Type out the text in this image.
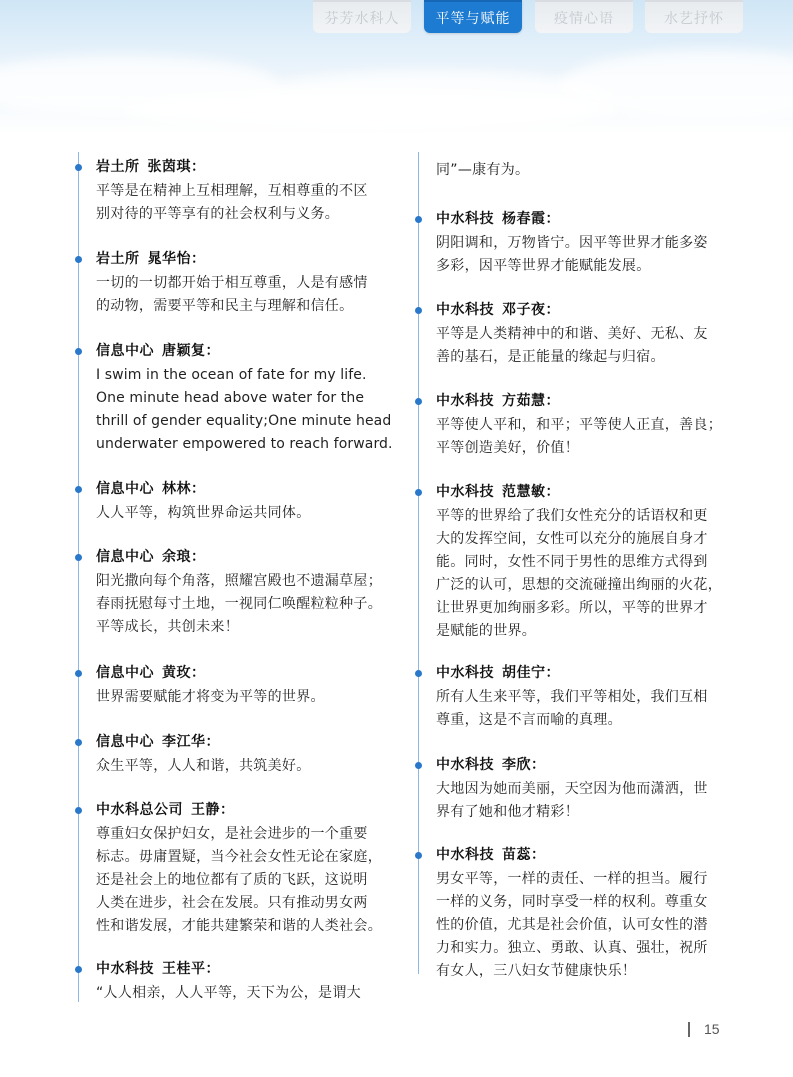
芬芳水科人	平等与赋能	疫情心语	水艺抒怀
岩土所 张茵琪：
平等是在精神上互相理解，互相尊重的不区
别对待的平等享有的社会权利与义务。
岩土所 晁华怡：
一切的一切都开始于相互尊重，人是有感情
的动物，需要平等和民主与理解和信任。
信息中心 唐颖复：
I swim in the ocean of fate for my life.
One minute head above water for the
thrill of gender equality;One minute head
underwater empowered to reach forward.
信息中心 林林：
人人平等，构筑世界命运共同体。
信息中心 余琅：
阳光撒向每个角落，照耀宫殿也不遗漏草屋；
春雨抚慰每寸土地，一视同仁唤醒粒粒种子。
平等成长，共创未来！
信息中心 黄玫：
世界需要赋能才将变为平等的世界。
信息中心 李江华：
众生平等，人人和谐，共筑美好。
中水科总公司 王静：
尊重妇女保护妇女，是社会进步的一个重要
标志。毋庸置疑，当今社会女性无论在家庭，
还是社会上的地位都有了质的飞跃，这说明
人类在进步，社会在发展。只有推动男女两
性和谐发展，才能共建繁荣和谐的人类社会。
中水科技 王桂平：
“人人相亲，人人平等，天下为公，是谓大
同”—康有为。
中水科技 杨春霞：
阴阳调和，万物皆宁。因平等世界才能多姿
多彩，因平等世界才能赋能发展。
中水科技 邓子夜：
平等是人类精神中的和谐、美好、无私、友
善的基石，是正能量的缘起与归宿。
中水科技 方茹慧：
平等使人平和，和平；平等使人正直，善良；
平等创造美好，价值！
中水科技 范慧敏：
平等的世界给了我们女性充分的话语权和更
大的发挥空间，女性可以充分的施展自身才
能。同时，女性不同于男性的思维方式得到
广泛的认可，思想的交流碰撞出绚丽的火花，
让世界更加绚丽多彩。所以，平等的世界才
是赋能的世界。
中水科技 胡佳宁：
所有人生来平等，我们平等相处，我们互相
尊重，这是不言而喻的真理。
中水科技 李欣：
大地因为她而美丽，天空因为他而潇洒，世
界有了她和他才精彩！
中水科技 苗蕊：
男女平等，一样的责任、一样的担当。履行
一样的义务，同时享受一样的权利。尊重女
性的价值，尤其是社会价值，认可女性的潜
力和实力。独立、勇敢、认真、强壮，祝所
有女人，三八妇女节健康快乐！
15
